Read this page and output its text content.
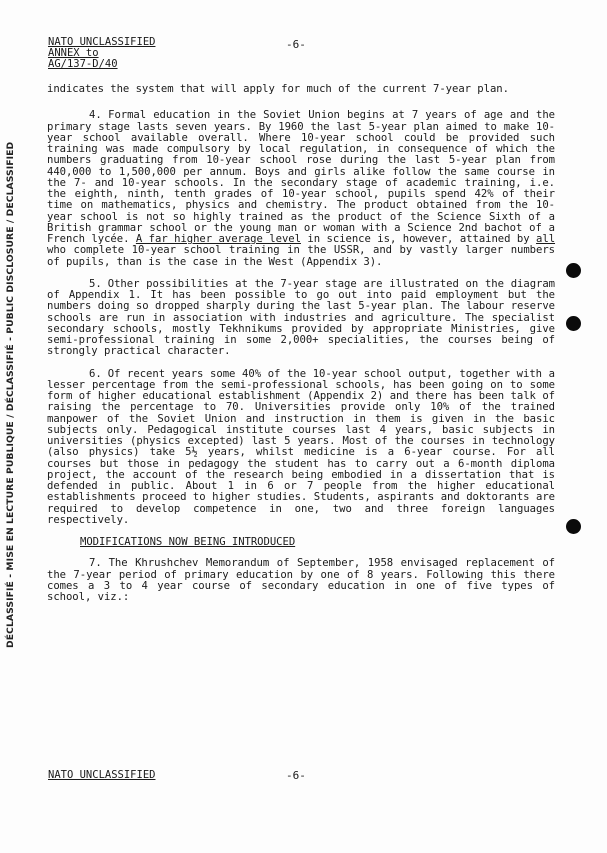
DÉCLASSIFIÉ - MISE EN LECTURE PUBLIQUE / DÉCLASSIFIÉ - PUBLIC DISCLOSURE / DECLASSIFIED
NATO UNCLASSIFIED
ANNEX to
AG/137-D/40
-6-

indicates the system that will apply for much of the current 7-year plan.

4. Formal education in the Soviet Union begins at 7 years of age and the primary stage lasts seven years. By 1960 the last 5-year plan aimed to make 10-year school available overall. Where 10-year school could be provided such training was made compulsory by local regulation, in consequence of which the numbers graduating from 10-year school rose during the last 5-year plan from 440,000 to 1,500,000 per annum. Boys and girls alike follow the same course in the 7- and 10-year schools. In the secondary stage of academic training, i.e. the eighth, ninth, tenth grades of 10-year school, pupils spend 42% of their time on mathematics, physics and chemistry. The product obtained from the 10-year school is not so highly trained as the product of the Science Sixth of a British grammar school or the young man or woman with a Science 2nd bachot of a French lycée. A far higher average level in science is, however, attained by all who complete 10-year school training in the USSR, and by vastly larger numbers of pupils, than is the case in the West (Appendix 3).

5. Other possibilities at the 7-year stage are illustrated on the diagram of Appendix 1. It has been possible to go out into paid employment but the numbers doing so dropped sharply during the last 5-year plan. The labour reserve schools are run in association with industries and agriculture. The specialist secondary schools, mostly Tekhnikums provided by appropriate Ministries, give semi-professional training in some 2,000+ specialities, the courses being of strongly practical character.

6. Of recent years some 40% of the 10-year school output, together with a lesser percentage from the semi-professional schools, has been going on to some form of higher educational establishment (Appendix 2) and there has been talk of raising the percentage to 70. Universities provide only 10% of the trained manpower of the Soviet Union and instruction in them is given in the basic subjects only. Pedagogical institute courses last 4 years, basic subjects in universities (physics excepted) last 5 years. Most of the courses in technology (also physics) take 5½ years, whilst medicine is a 6-year course. For all courses but those in pedagogy the student has to carry out a 6-month diploma project, the account of the research being embodied in a dissertation that is defended in public. About 1 in 6 or 7 people from the higher educational establishments proceed to higher studies. Students, aspirants and doktorants are required to develop competence in one, two and three foreign languages respectively.

MODIFICATIONS NOW BEING INTRODUCED

7. The Khrushchev Memorandum of September, 1958 envisaged replacement of the 7-year period of primary education by one of 8 years. Following this there comes a 3 to 4 year course of secondary education in one of five types of school, viz.:

NATO UNCLASSIFIED	-6-
